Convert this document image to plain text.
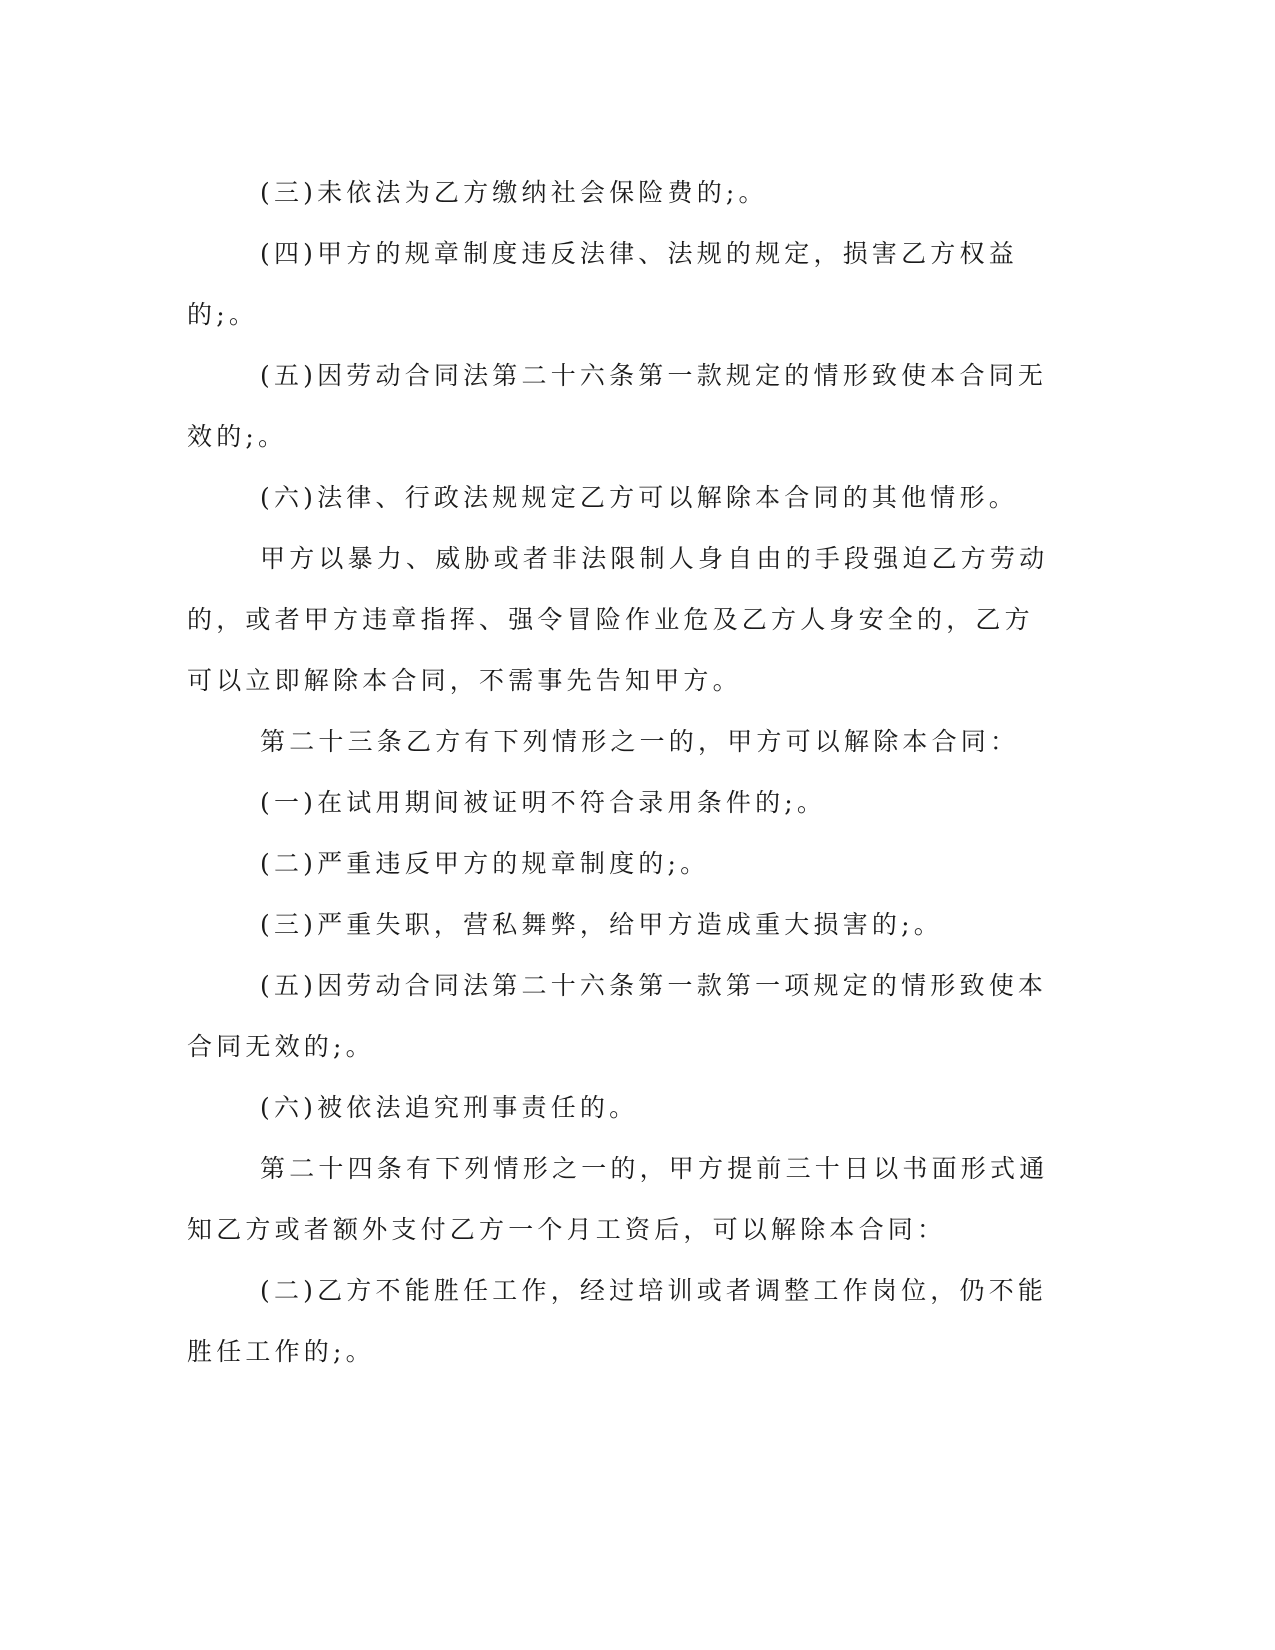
(三)未依法为乙方缴纳社会保险费的;。

(四)甲方的规章制度违反法律、法规的规定，损害乙方权益的;。

(五)因劳动合同法第二十六条第一款规定的情形致使本合同无效的;。

(六)法律、行政法规规定乙方可以解除本合同的其他情形。

甲方以暴力、威胁或者非法限制人身自由的手段强迫乙方劳动的，或者甲方违章指挥、强令冒险作业危及乙方人身安全的，乙方可以立即解除本合同，不需事先告知甲方。

第二十三条乙方有下列情形之一的，甲方可以解除本合同：

(一)在试用期间被证明不符合录用条件的;。

(二)严重违反甲方的规章制度的;。

(三)严重失职，营私舞弊，给甲方造成重大损害的;。

(五)因劳动合同法第二十六条第一款第一项规定的情形致使本合同无效的;。

(六)被依法追究刑事责任的。

第二十四条有下列情形之一的，甲方提前三十日以书面形式通知乙方或者额外支付乙方一个月工资后，可以解除本合同：

(二)乙方不能胜任工作，经过培训或者调整工作岗位，仍不能胜任工作的;。
